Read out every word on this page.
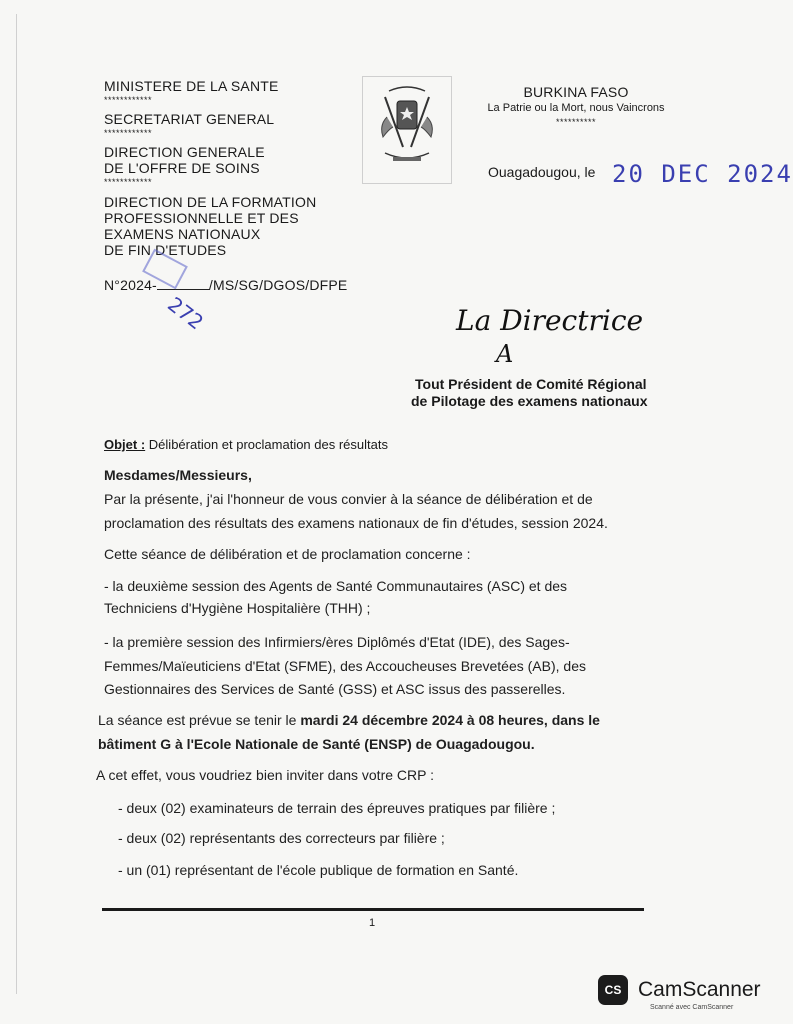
MINISTERE DE LA SANTE
************
SECRETARIAT GENERAL
************
DIRECTION GENERALE
DE L'OFFRE DE SOINS
************
DIRECTION DE LA FORMATION
PROFESSIONNELLE ET DES
EXAMENS NATIONAUX
DE FIN D'ETUDES
N°2024-	/MS/SG/DGOS/DFPE
272
BURKINA FASO
La Patrie ou la Mort, nous Vaincrons
**********
Ouagadougou, le 20 DEC 2024
La Directrice
A
Tout Président de Comité Régional
de Pilotage des examens nationaux
Objet : Délibération et proclamation des résultats
Mesdames/Messieurs,
Par la présente, j'ai l'honneur de vous convier à la séance de délibération et de
proclamation des résultats des examens nationaux de fin d'études, session 2024.
Cette séance de délibération et de proclamation concerne :
- la deuxième session des Agents de Santé Communautaires (ASC) et des
Techniciens d'Hygiène Hospitalière (THH) ;
- la première session des Infirmiers/ères Diplômés d'Etat (IDE), des Sages-
Femmes/Maïeuticiens d'Etat (SFME), des Accoucheuses Brevetées (AB), des
Gestionnaires des Services de Santé (GSS) et ASC issus des passerelles.
La séance est prévue se tenir le mardi 24 décembre 2024 à 08 heures, dans le
bâtiment G à l'Ecole Nationale de Santé (ENSP) de Ouagadougou.
A cet effet, vous voudriez bien inviter dans votre CRP :
- deux (02) examinateurs de terrain des épreuves pratiques par filière ;
- deux (02) représentants des correcteurs par filière ;
- un (01) représentant de l'école publique de formation en Santé.
1
CS CamScanner
Scanné avec CamScanner
